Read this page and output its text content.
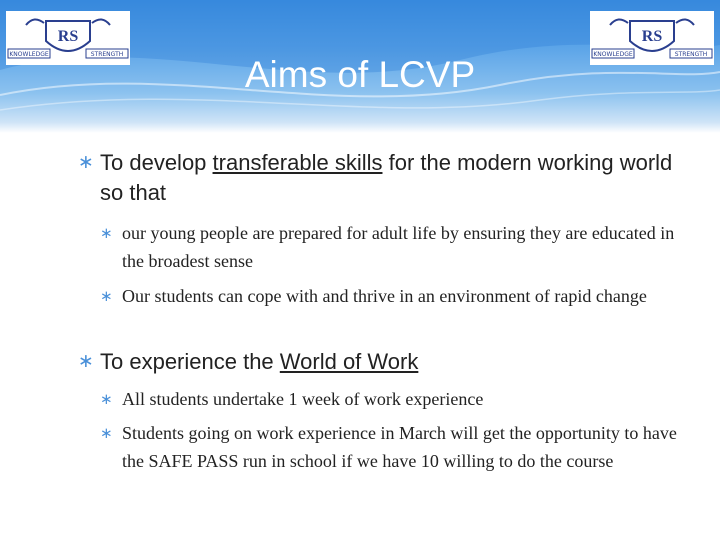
RS
KNOWLEDGE	STRENGTH
RS
KNOWLEDGE	STRENGTH
Aims of LCVP
∗ To develop transferable skills for the modern working world so that
∗ our young people are prepared for adult life by ensuring they are educated in the broadest sense
∗ Our students can cope with and thrive in an environment of rapid change
∗ To experience the World of Work
∗ All students undertake 1 week of work experience
∗ Students going on work experience in March will get the opportunity to have the SAFE PASS run in school if we have 10 willing to do the course
